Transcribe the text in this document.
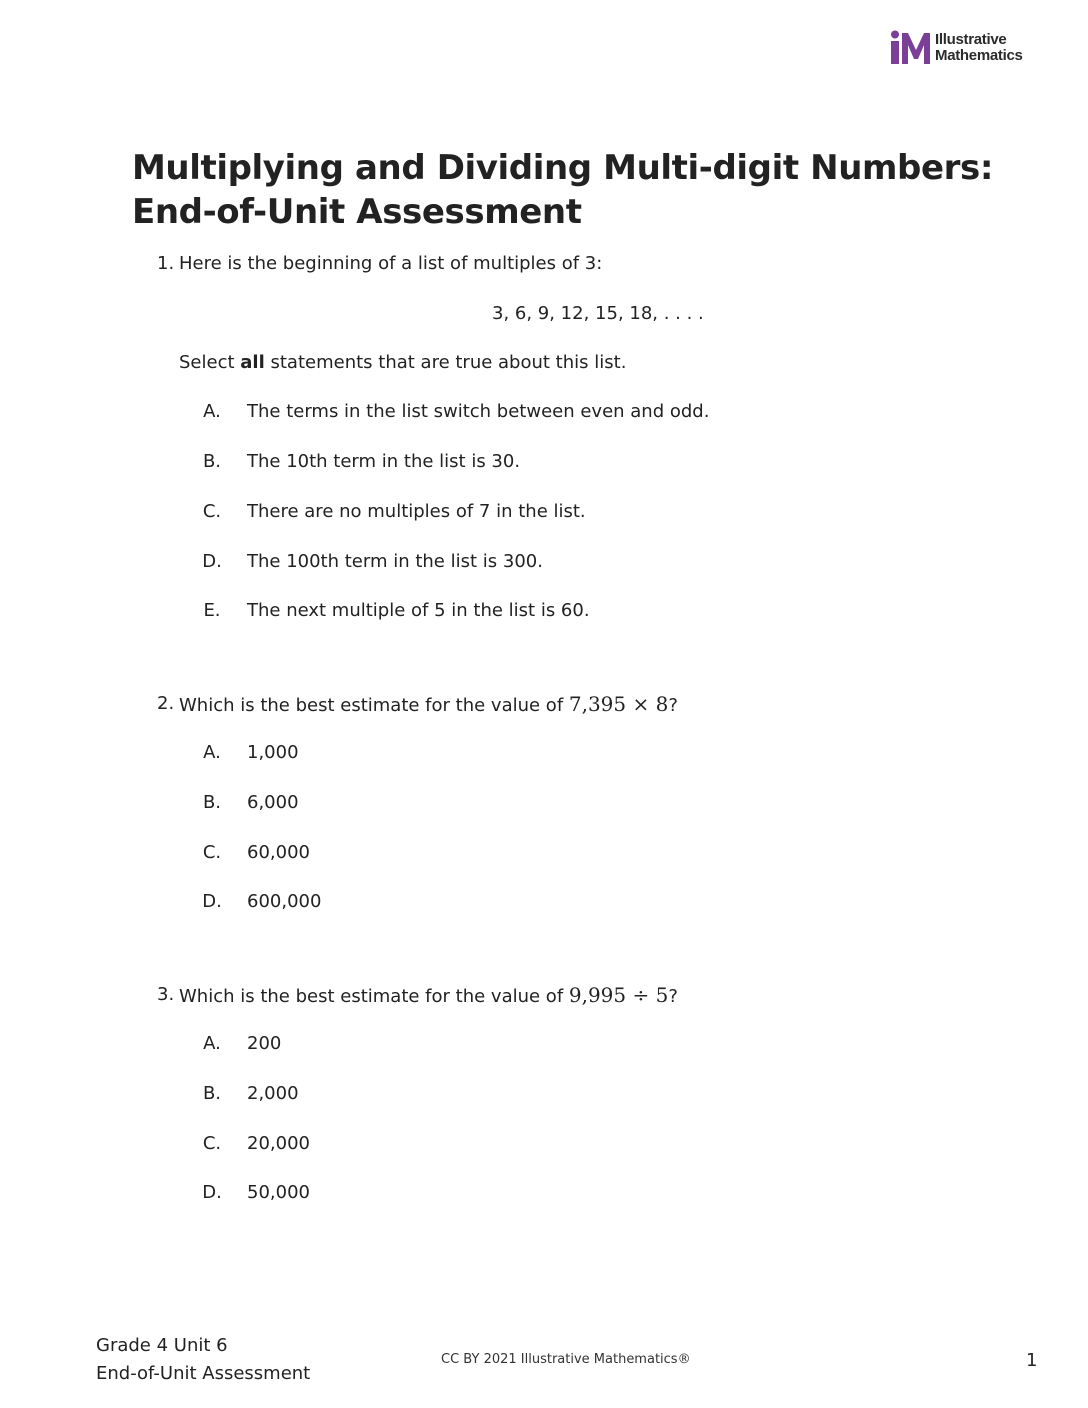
Illustrative
Mathematics
Multiplying and Dividing Multi-digit Numbers:
End-of-Unit Assessment
1. Here is the beginning of a list of multiples of 3:
3, 6, 9, 12, 15, 18, . . . .
Select all statements that are true about this list.
A. The terms in the list switch between even and odd.
B. The 10th term in the list is 30.
C. There are no multiples of 7 in the list.
D. The 100th term in the list is 300.
E. The next multiple of 5 in the list is 60.
2. Which is the best estimate for the value of 7,395 × 8?
A. 1,000
B. 6,000
C. 60,000
D. 600,000
3. Which is the best estimate for the value of 9,995 ÷ 5?
A. 200
B. 2,000
C. 20,000
D. 50,000
Grade 4 Unit 6
End-of-Unit Assessment
CC BY 2021 Illustrative Mathematics®	1
